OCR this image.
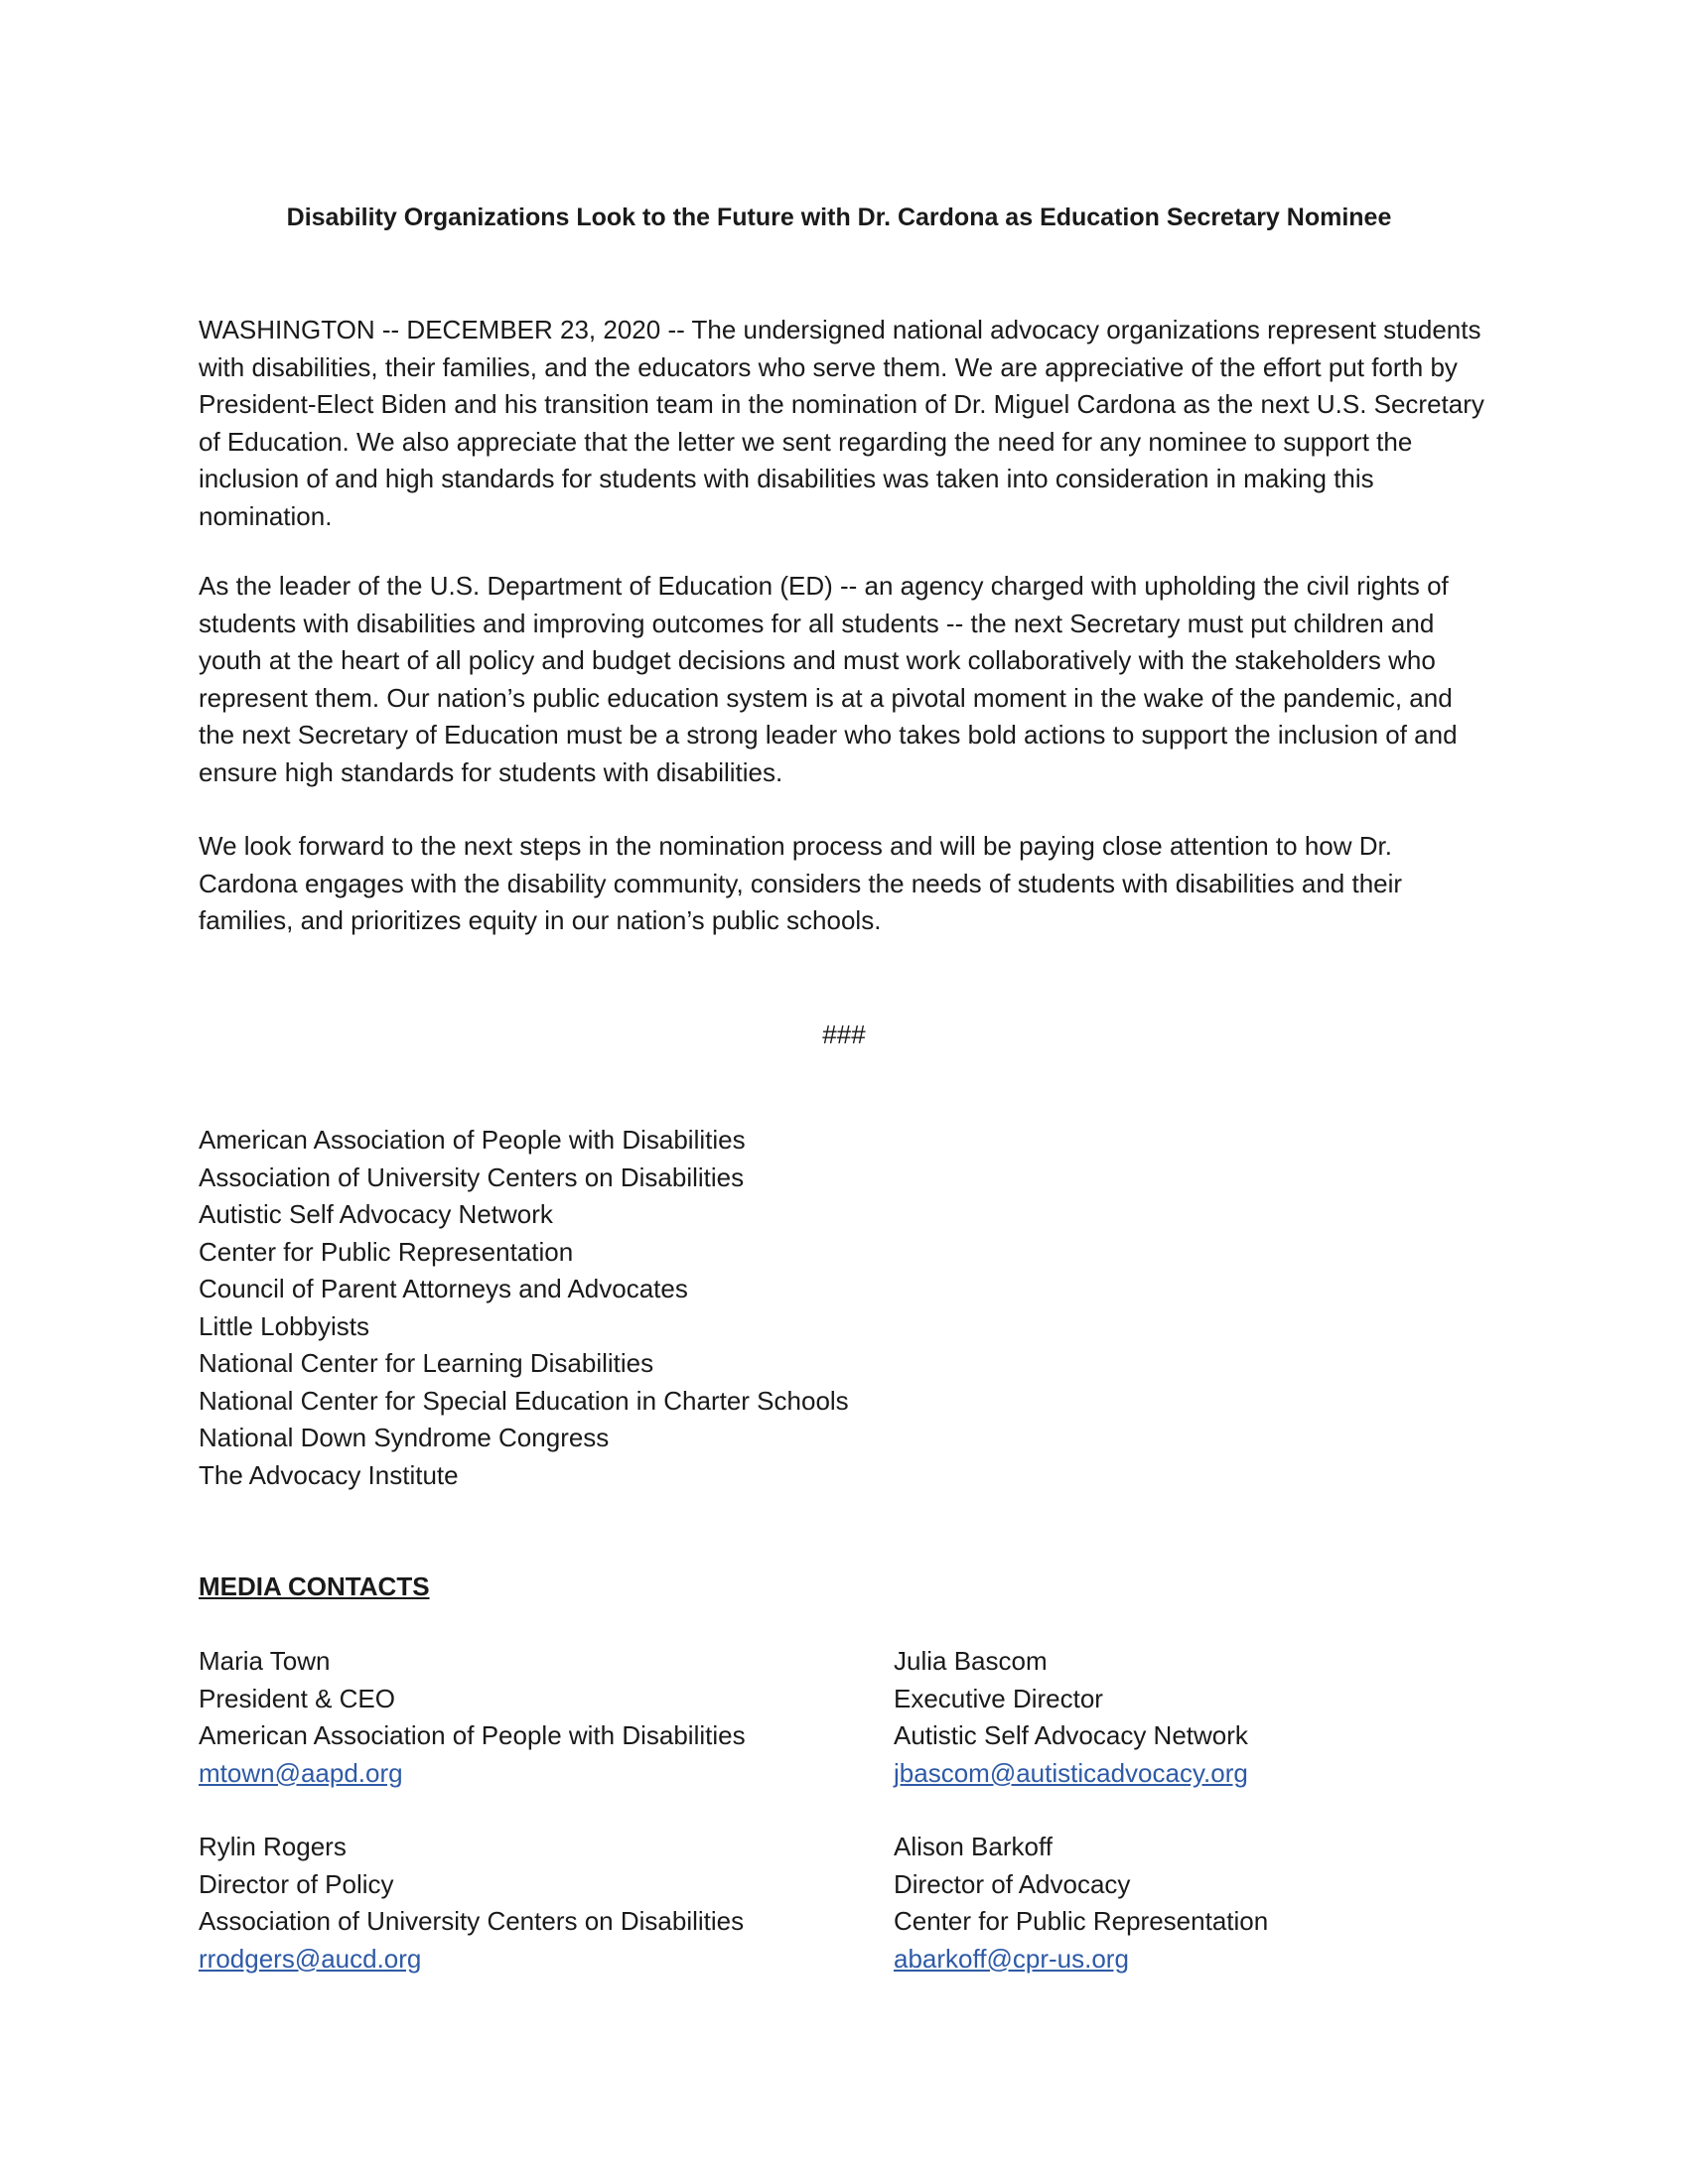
Disability Organizations Look to the Future with Dr. Cardona as Education Secretary Nominee

WASHINGTON -- DECEMBER 23, 2020 -- The undersigned national advocacy organizations represent students with disabilities, their families, and the educators who serve them. We are appreciative of the effort put forth by President-Elect Biden and his transition team in the nomination of Dr. Miguel Cardona as the next U.S. Secretary of Education. We also appreciate that the letter we sent regarding the need for any nominee to support the inclusion of and high standards for students with disabilities was taken into consideration in making this nomination.

As the leader of the U.S. Department of Education (ED) -- an agency charged with upholding the civil rights of students with disabilities and improving outcomes for all students -- the next Secretary must put children and youth at the heart of all policy and budget decisions and must work collaboratively with the stakeholders who represent them. Our nation’s public education system is at a pivotal moment in the wake of the pandemic, and the next Secretary of Education must be a strong leader who takes bold actions to support the inclusion of and ensure high standards for students with disabilities.

We look forward to the next steps in the nomination process and will be paying close attention to how Dr. Cardona engages with the disability community, considers the needs of students with disabilities and their families, and prioritizes equity in our nation’s public schools.

###
American Association of People with Disabilities
Association of University Centers on Disabilities
Autistic Self Advocacy Network
Center for Public Representation
Council of Parent Attorneys and Advocates
Little Lobbyists
National Center for Learning Disabilities
National Center for Special Education in Charter Schools
National Down Syndrome Congress
The Advocacy Institute
MEDIA CONTACTS
Maria Town
President & CEO
American Association of People with Disabilities
mtown@aapd.org
Julia Bascom
Executive Director
Autistic Self Advocacy Network
jbascom@autisticadvocacy.org
Rylin Rogers
Director of Policy
Association of University Centers on Disabilities
rrodgers@aucd.org
Alison Barkoff
Director of Advocacy
Center for Public Representation
abarkoff@cpr-us.org
